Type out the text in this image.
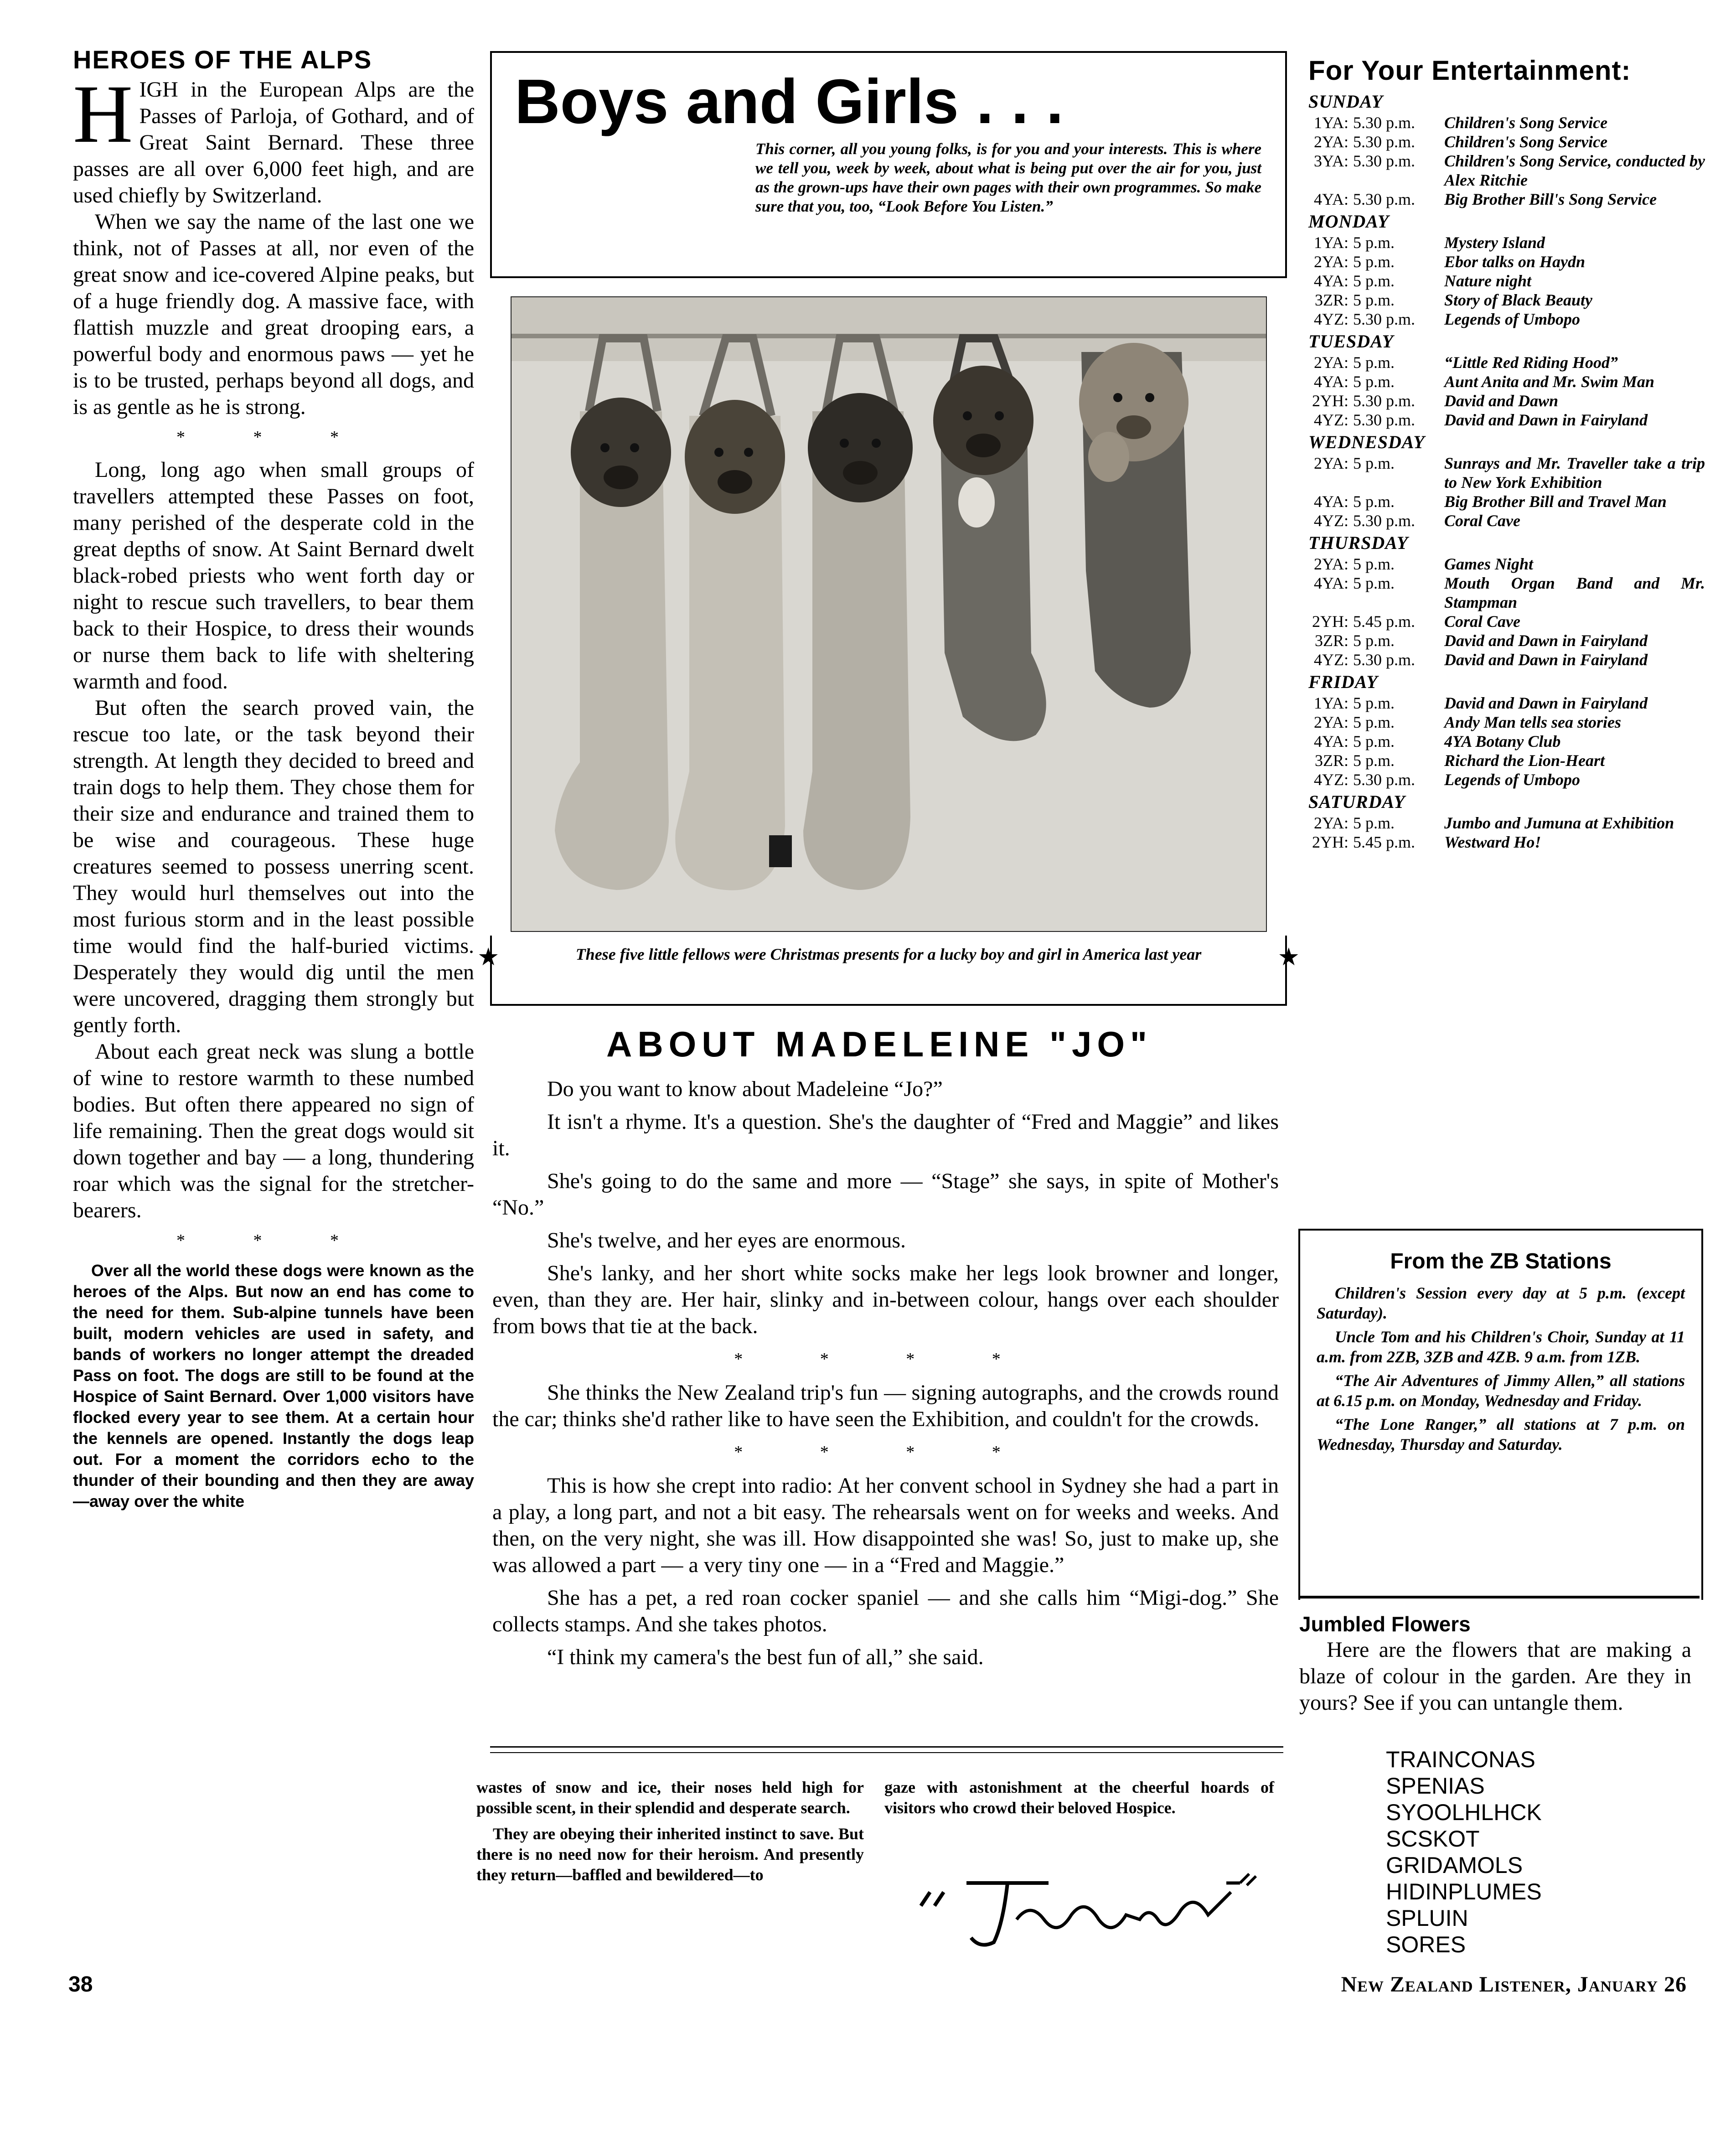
HEROES OF THE ALPS

HIGH in the European Alps are the Passes of Parloja, of Gothard, and of Great Saint Bernard. These three passes are all over 6,000 feet high, and are used chiefly by Switzerland.

When we say the name of the last one we think, not of Passes at all, nor even of the great snow and ice-covered Alpine peaks, but of a huge friendly dog. A massive face, with flattish muzzle and great drooping ears, a powerful body and enormous paws — yet he is to be trusted, perhaps beyond all dogs, and is as gentle as he is strong.

* * *

Long, long ago when small groups of travellers attempted these Passes on foot, many perished of the desperate cold in the great depths of snow. At Saint Bernard dwelt black-robed priests who went forth day or night to rescue such travellers, to bear them back to their Hospice, to dress their wounds or nurse them back to life with sheltering warmth and food.

But often the search proved vain, the rescue too late, or the task beyond their strength. At length they decided to breed and train dogs to help them. They chose them for their size and endurance and trained them to be wise and courageous. These huge creatures seemed to possess unerring scent. They would hurl themselves out into the most furious storm and in the least possible time would find the half-buried victims. Desperately they would dig until the men were uncovered, dragging them strongly but gently forth.

About each great neck was slung a bottle of wine to restore warmth to these numbed bodies. But often there appeared no sign of life remaining. Then the great dogs would sit down together and bay — a long, thundering roar which was the signal for the stretcher-bearers.

* * *

Over all the world these dogs were known as the heroes of the Alps. But now an end has come to the need for them. Sub-alpine tunnels have been built, modern vehicles are used in safety, and bands of workers no longer attempt the dreaded Pass on foot. The dogs are still to be found at the Hospice of Saint Bernard. Over 1,000 visitors have flocked every year to see them. At a certain hour the kennels are opened. Instantly the dogs leap out. For a moment the corridors echo to the thunder of their bounding and then they are away—away over the white

Boys and Girls . . .

This corner, all you young folks, is for you and your interests. This is where we tell you, week by week, about what is being put over the air for you, just as the grown-ups have their own pages with their own programmes. So make sure that you, too, “Look Before You Listen.”

★	These five little fellows were Christmas presents for a lucky boy and girl in America last year	★
ABOUT MADELEINE "JO"

Do you want to know about Madeleine “Jo?”

It isn't a rhyme. It's a question. She's the daughter of “Fred and Maggie” and likes it.

She's going to do the same and more — “Stage” she says, in spite of Mother's “No.”

She's twelve, and her eyes are enormous.

She's lanky, and her short white socks make her legs look browner and longer, even, than they are. Her hair, slinky and in-between colour, hangs over each shoulder from bows that tie at the back.

* * * *

She thinks the New Zealand trip's fun — signing autographs, and the crowds round the car; thinks she'd rather like to have seen the Exhibition, and couldn't for the crowds.

* * * *

This is how she crept into radio: At her convent school in Sydney she had a part in a play, a long part, and not a bit easy. The rehearsals went on for weeks and weeks. And then, on the very night, she was ill. How disappointed she was! So, just to make up, she was allowed a part — a very tiny one — in a “Fred and Maggie.”

She has a pet, a red roan cocker spaniel — and she calls him “Migi-dog.” She collects stamps. And she takes photos.

“I think my camera's the best fun of all,” she said.

wastes of snow and ice, their noses held high for possible scent, in their splendid and desperate search.

They are obeying their inherited instinct to save. But there is no need now for their heroism. And presently they return—baffled and bewildered—to

gaze with astonishment at the cheerful hoards of visitors who crowd their beloved Hospice.

For Your Entertainment:
SUNDAY
1YA: 5.30 p.m.	Children's Song Service
2YA: 5.30 p.m.	Children's Song Service
3YA: 5.30 p.m.	Children's Song Service, conducted by Alex Ritchie
4YA: 5.30 p.m.	Big Brother Bill's Song Service
MONDAY
1YA: 5 p.m.	Mystery Island
2YA: 5 p.m.	Ebor talks on Haydn
4YA: 5 p.m.	Nature night
3ZR: 5 p.m.	Story of Black Beauty
4YZ: 5.30 p.m.	Legends of Umbopo
TUESDAY
2YA: 5 p.m.	“Little Red Riding Hood”
4YA: 5 p.m.	Aunt Anita and Mr. Swim Man
2YH: 5.30 p.m.	David and Dawn
4YZ: 5.30 p.m.	David and Dawn in Fairyland
WEDNESDAY
2YA: 5 p.m.	Sunrays and Mr. Traveller take a trip to New York Exhibition
4YA: 5 p.m.	Big Brother Bill and Travel Man
4YZ: 5.30 p.m.	Coral Cave
THURSDAY
2YA: 5 p.m.	Games Night
4YA: 5 p.m.	Mouth Organ Band and Mr. Stampman
2YH: 5.45 p.m.	Coral Cave
3ZR: 5 p.m.	David and Dawn in Fairyland
4YZ: 5.30 p.m.	David and Dawn in Fairyland
FRIDAY
1YA: 5 p.m.	David and Dawn in Fairyland
2YA: 5 p.m.	Andy Man tells sea stories
4YA: 5 p.m.	4YA Botany Club
3ZR: 5 p.m.	Richard the Lion-Heart
4YZ: 5.30 p.m.	Legends of Umbopo
SATURDAY
2YA: 5 p.m.	Jumbo and Jumuna at Exhibition
2YH: 5.45 p.m.	Westward Ho!
From the ZB Stations

Children's Session every day at 5 p.m. (except Saturday).

Uncle Tom and his Children's Choir, Sunday at 11 a.m. from 2ZB, 3ZB and 4ZB. 9 a.m. from 1ZB.

“The Air Adventures of Jimmy Allen,” all stations at 6.15 p.m. on Monday, Wednesday and Friday.

“The Lone Ranger,” all stations at 7 p.m. on Wednesday, Thursday and Saturday.

Jumbled Flowers

Here are the flowers that are making a blaze of colour in the garden. Are they in yours? See if you can untangle them.

TRAINCONAS
SPENIAS
SYOOLHLHCK
SCSKOT
GRIDAMOLS
HIDINPLUMES
SPLUIN
SORES
38	New Zealand Listener, January 26
